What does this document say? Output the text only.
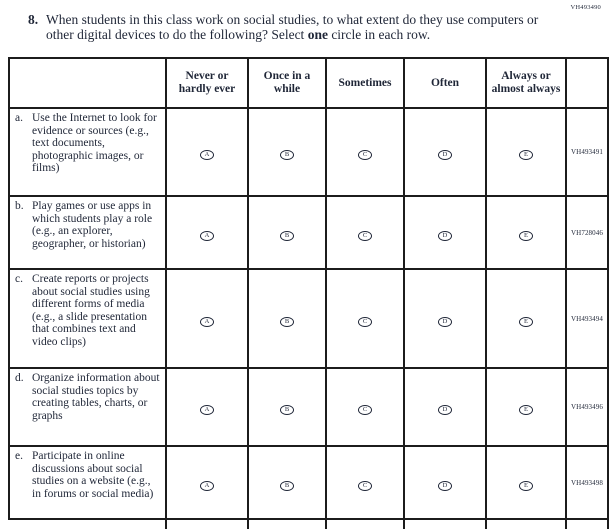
VH493490
8. When students in this class work on social studies, to what extent do they use computers or other digital devices to do the following? Select one circle in each row.
	Never or hardly ever	Once in a while	Sometimes	Often	Always or almost always	

a. Use the Internet to look for evidence or sources (e.g., text documents, photographic images, or films)	A	B	C	D	E	VH493491

b. Play games or use apps in which students play a role (e.g., an explorer, geographer, or historian)	A	B	C	D	E	VH728046

c. Create reports or projects about social studies using different forms of media (e.g., a slide presentation that combines text and video clips)	A	B	C	D	E	VH493494

d. Organize information about social studies topics by creating tables, charts, or graphs	A	B	C	D	E	VH493496

e. Participate in online discussions about social studies on a website (e.g., in forums or social media)	A	B	C	D	E	VH493498
